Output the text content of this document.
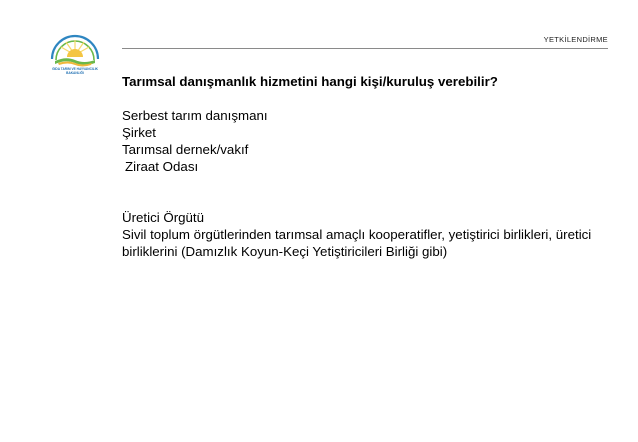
GIDA TARIM VE HAYVANCILIK
BAKANLIĞI
YETKİLENDİRME

Tarımsal danışmanlık hizmetini hangi kişi/kuruluş verebilir?

Serbest tarım danışmanı

Şirket

Tarımsal dernek/vakıf

Ziraat Odası

Üretici Örgütü

Sivil toplum örgütlerinden tarımsal amaçlı kooperatifler, yetiştirici birlikleri, üretici birliklerini (Damızlık Koyun-Keçi Yetiştiricileri Birliği gibi)
